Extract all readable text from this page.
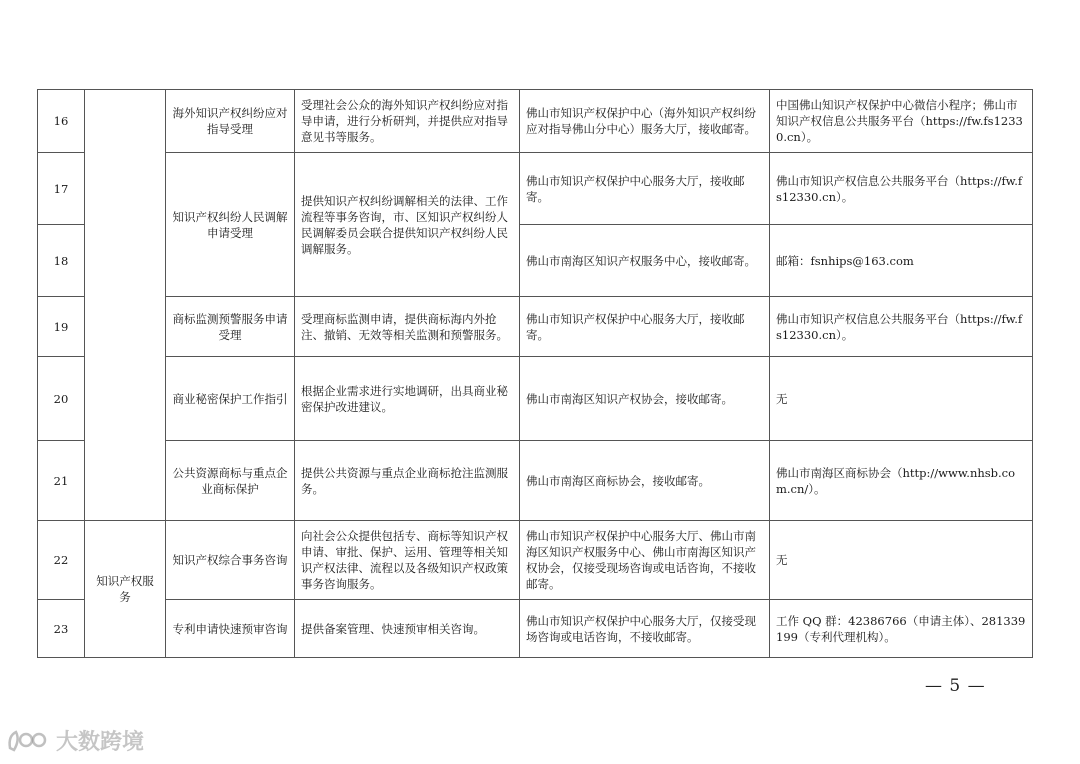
16		海外知识产权纠纷应对指导受理	受理社会公众的海外知识产权纠纷应对指导申请，进行分析研判，并提供应对指导意见书等服务。	佛山市知识产权保护中心（海外知识产权纠纷应对指导佛山分中心）服务大厅，接收邮寄。	中国佛山知识产权保护中心微信小程序；佛山市知识产权信息公共服务平台（https://fw.fs12330.cn）。
17		知识产权纠纷人民调解申请受理	提供知识产权纠纷调解相关的法律、工作流程等事务咨询，市、区知识产权纠纷人民调解委员会联合提供知识产权纠纷人民调解服务。	佛山市知识产权保护中心服务大厅，接收邮寄。	佛山市知识产权信息公共服务平台（https://fw.fs12330.cn）。
18				佛山市南海区知识产权服务中心，接收邮寄。	邮箱：fsnhips@163.com
19		商标监测预警服务申请受理	受理商标监测申请，提供商标海内外抢注、撤销、无效等相关监测和预警服务。	佛山市知识产权保护中心服务大厅，接收邮寄。	佛山市知识产权信息公共服务平台（https://fw.fs12330.cn）。
20		商业秘密保护工作指引	根据企业需求进行实地调研，出具商业秘密保护改进建议。	佛山市南海区知识产权协会，接收邮寄。	无
21		公共资源商标与重点企业商标保护	提供公共资源与重点企业商标抢注监测服务。	佛山市南海区商标协会，接收邮寄。	佛山市南海区商标协会（http://www.nhsb.com.cn/）。
22	知识产权服务	知识产权综合事务咨询	向社会公众提供包括专、商标等知识产权申请、审批、保护、运用、管理等相关知识产权法律、流程以及各级知识产权政策事务咨询服务。	佛山市知识产权保护中心服务大厅、佛山市南海区知识产权服务中心、佛山市南海区知识产权协会，仅接受现场咨询或电话咨询，不接收邮寄。	无
23		专利申请快速预审咨询	提供备案管理、快速预审相关咨询。	佛山市知识产权保护中心服务大厅，仅接受现场咨询或电话咨询，不接收邮寄。	工作 QQ 群：42386766（申请主体）、281339199（专利代理机构）。
— 5 —
大数跨境
